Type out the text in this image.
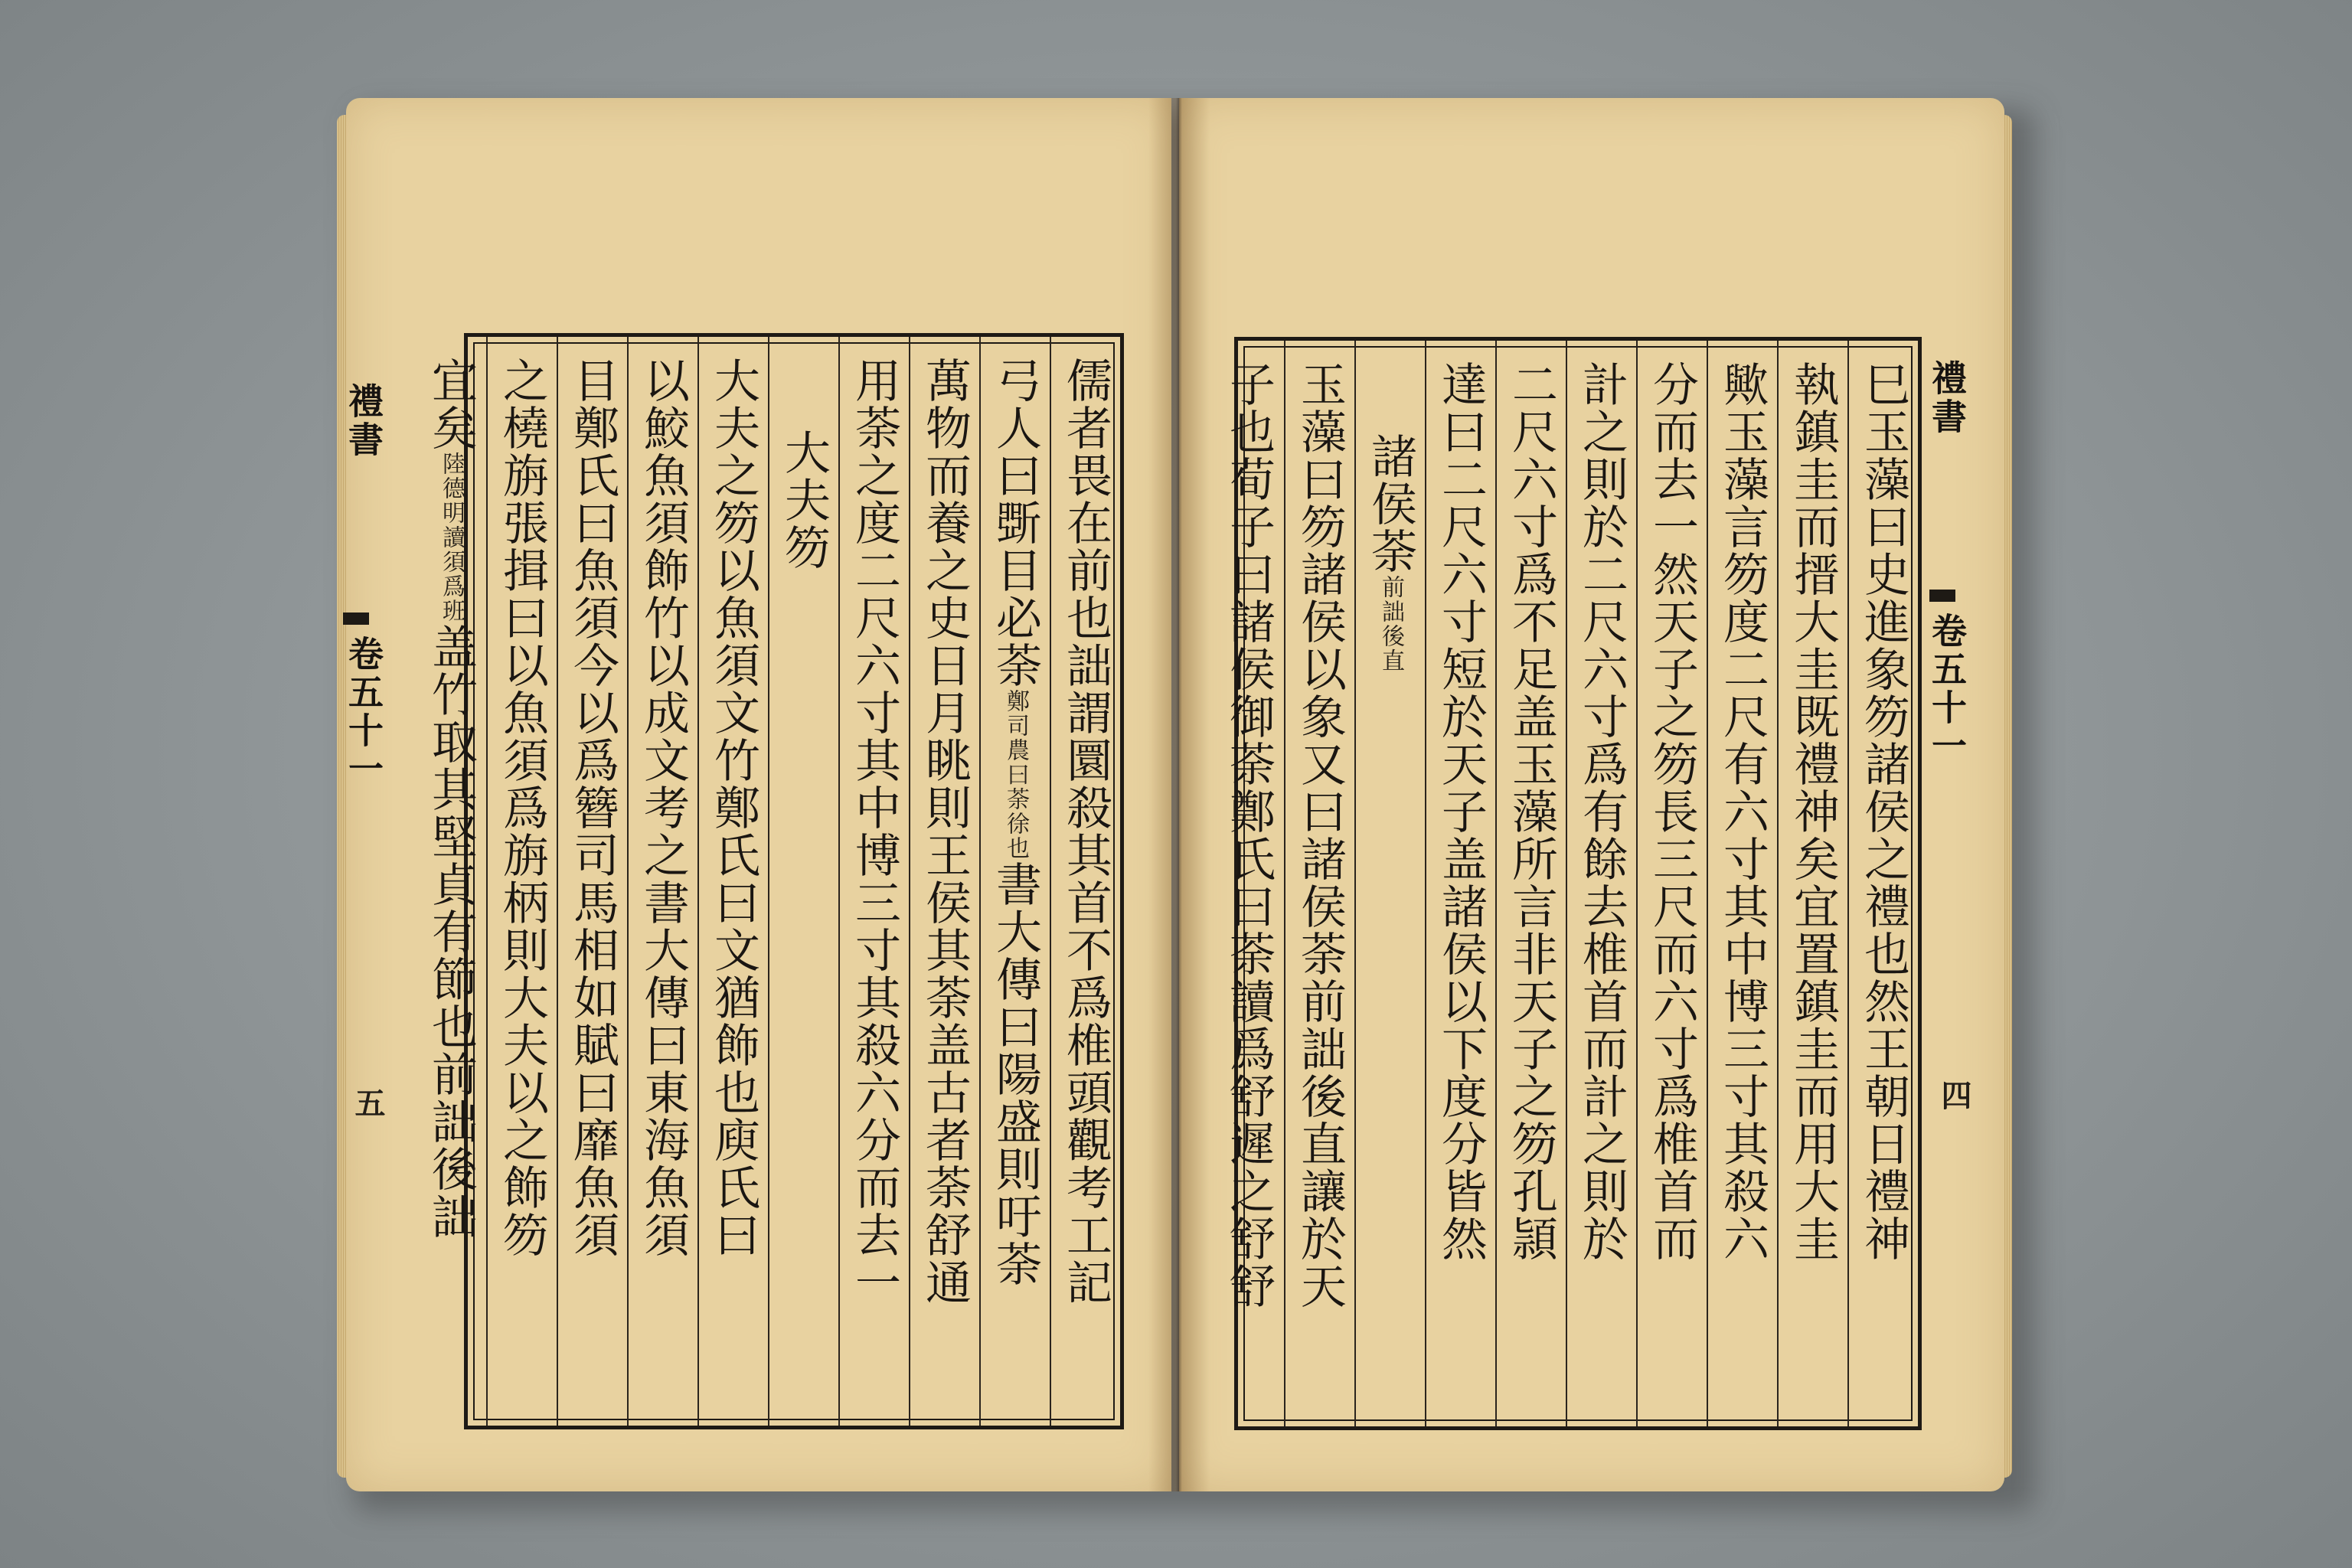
儒者畏在前也詘謂圜殺其首不爲椎頭觀考工記
弓人曰斲目必荼
鄭司農曰荼徐也
書大傳曰陽盛則吁荼
萬物而養之史日月眺則王侯其荼盖古者荼舒通
用荼之度二尺六寸其中博三寸其殺六分而去一
大夫笏
大夫之笏以魚須文竹鄭氏曰文猶飾也庾氏曰
以鮫魚須飾竹以成文考之書大傳曰東海魚須
目鄭氏曰魚須今以爲簪司馬相如賦曰靡魚須
之橈旃張揖曰以魚須爲旃柄則大夫以之飾笏
宜矣
陸德明讀須爲班
盖竹取其堅貞有節也前詘後詘
禮書
卷五十一
五	巳玉藻曰史進象笏諸侯之禮也然王朝日禮神
執鎮圭而搢大圭既禮神矣宜置鎮圭而用大圭
歟玉藻言笏度二尺有六寸其中博三寸其殺六
分而去一然天子之笏長三尺而六寸爲椎首而
計之則於二尺六寸爲有餘去椎首而計之則於
二尺六寸爲不足盖玉藻所言非天子之笏孔頴
達曰二尺六寸短於天子盖諸侯以下度分皆然
諸侯荼
前詘後直
玉藻曰笏諸侯以象又曰諸侯荼前詘後直讓於天
子也荀子曰諸侯御荼鄭氏曰荼讀爲舒遲之舒舒	禮書
卷五十一
四
